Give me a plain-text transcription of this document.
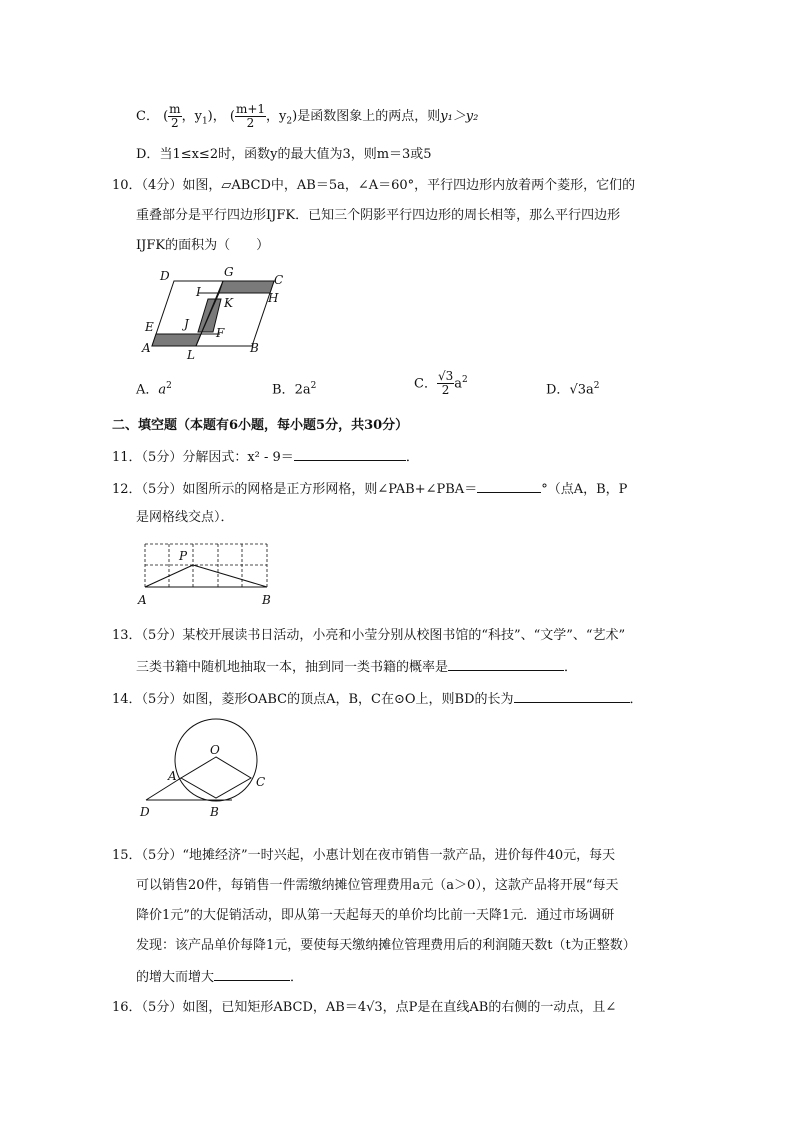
C． ( $\frac{m}{2}$ ，$y_1$)， ( $\frac{m+1}{2}$ ，$y_2$)是函数图象上的两点，则y₁＞y₂
D．当1≤x≤2时，函数y的最大值为3，则m＝3或5
10．（4分）如图，▱ABCD中，AB＝5a，∠A＝60°，平行四边形内放着两个菱形，它们的
重叠部分是平行四边形IJFK．已知三个阴影平行四边形的周长相等，那么平行四边形
IJFK的面积为（　　）
D	G
C
I
K	H
E	J
F
A	L	B
A．$a^2$	B．$2a^2$	C． $\frac{√3}{2} a^2$
D．$√3a^2$
二、填空题（本题有6小题，每小题5分，共30分）
11．（5分）分解因式：x² - 9＝	．
12．（5分）如图所示的网格是正方形网格，则∠PAB+∠PBA＝	°（点A，B，P
是网格线交点）．
P
A	B
13．（5分）某校开展读书日活动，小亮和小莹分别从校图书馆的“科技”、“文学”、“艺术”
三类书籍中随机地抽取一本，抽到同一类书籍的概率是	．
14．（5分）如图，菱形OABC的顶点A，B，C在⊙O上，则BD的长为	．
O
A	C
D	B
15．（5分）“地摊经济”一时兴起，小惠计划在夜市销售一款产品，进价每件40元，每天
可以销售20件，每销售一件需缴纳摊位管理费用a元（a＞0），这款产品将开展“每天
降价1元”的大促销活动，即从第一天起每天的单价均比前一天降1元．通过市场调研
发现：该产品单价每降1元，要使每天缴纳摊位管理费用后的利润随天数t（t为正整数）
的增大而增大	．
16．（5分）如图，已知矩形ABCD，AB＝4√3，点P是在直线AB的右侧的一动点，且∠
